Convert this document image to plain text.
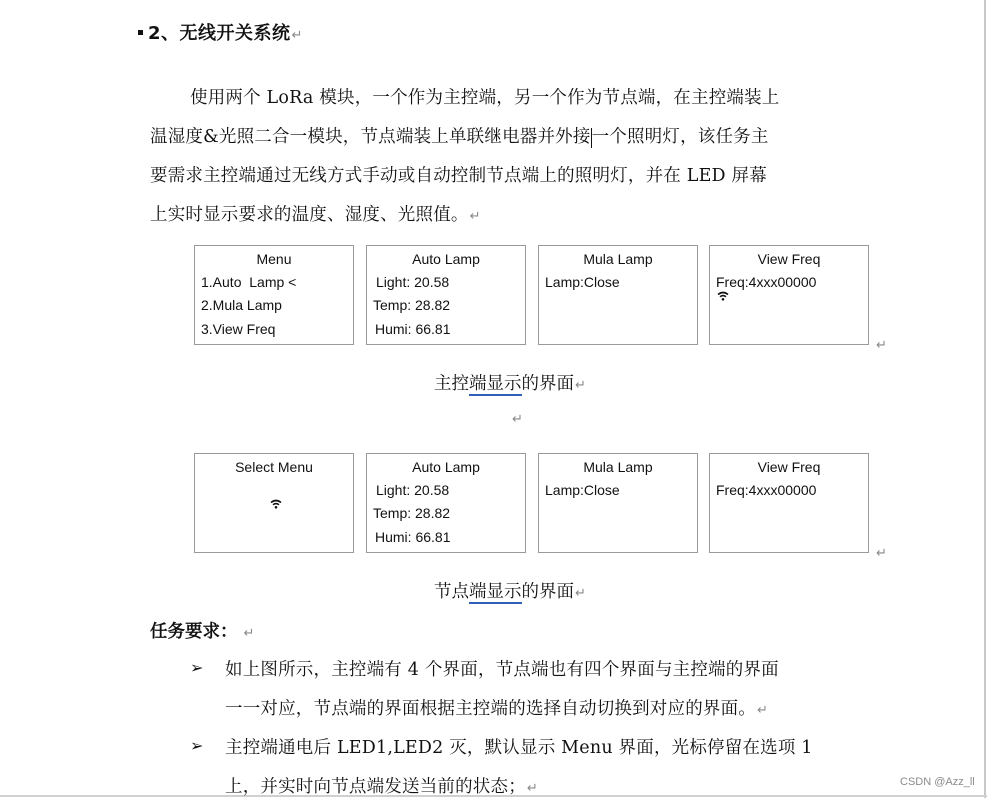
2、无线开关系统↵
使用两个 LoRa 模块，一个作为主控端，另一个作为节点端，在主控端装上
温湿度&光照二合一模块，节点端装上单联继电器并外接一个照明灯，该任务主
要需求主控端通过无线方式手动或自动控制节点端上的照明灯，并在 LED 屏幕
上实时显示要求的温度、湿度、光照值。↵
Menu
1.Auto  Lamp <
2.Mula Lamp
3.View Freq
Auto Lamp
Light: 20.58
Temp: 28.82
Humi: 66.81
Mula Lamp
Lamp:Close
View Freq
Freq:4xxx00000
↵
主控端显示的界面↵
↵
Select Menu	Auto Lamp
Light: 20.58
Temp: 28.82
Humi: 66.81
Mula Lamp
Lamp:Close
View Freq
Freq:4xxx00000
↵
节点端显示的界面↵
任务要求： ↵
➢ 如上图所示，主控端有 4 个界面，节点端也有四个界面与主控端的界面
一一对应，节点端的界面根据主控端的选择自动切换到对应的界面。↵
➢ 主控端通电后 LED1,LED2 灭，默认显示 Menu 界面，光标停留在选项 1
上，并实时向节点端发送当前的状态；↵	CSDN @Azz_ll
